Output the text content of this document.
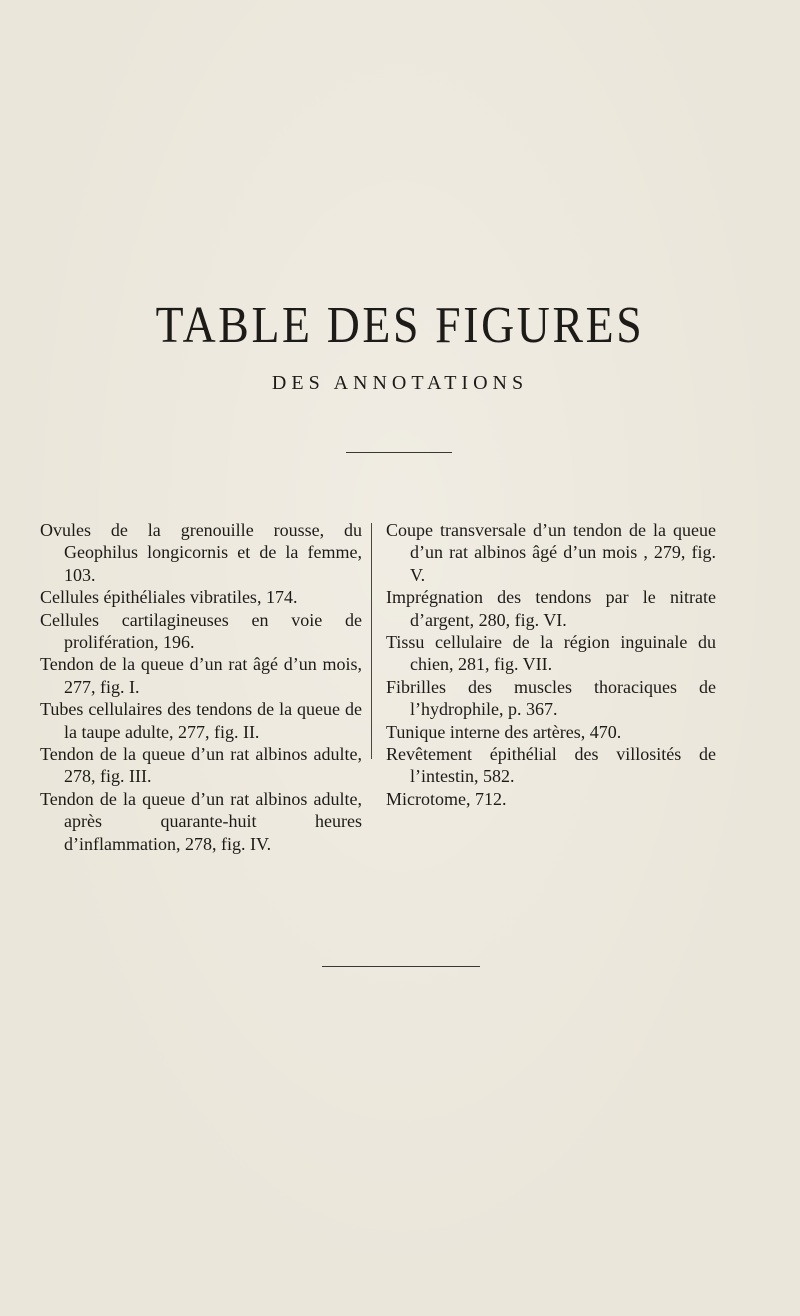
TABLE DES FIGURES
DES ANNOTATIONS

Ovules de la grenouille rousse, du Geophilus longicornis et de la femme, 103.

Cellules épithéliales vibratiles, 174.

Cellules cartilagineuses en voie de prolifération, 196.

Tendon de la queue d’un rat âgé d’un mois, 277, fig. I.

Tubes cellulaires des tendons de la queue de la taupe adulte, 277, fig. II.

Tendon de la queue d’un rat albinos adulte, 278, fig. III.

Tendon de la queue d’un rat albinos adulte, après quarante-huit heures d’inflammation, 278, fig. IV.

Coupe transversale d’un tendon de la queue d’un rat albinos âgé d’un mois , 279, fig. V.

Imprégnation des tendons par le nitrate d’argent, 280, fig. VI.

Tissu cellulaire de la région inguinale du chien, 281, fig. VII.

Fibrilles des muscles thoraciques de l’hydrophile, p. 367.

Tunique interne des artères, 470.

Revêtement épithélial des villosités de l’intestin, 582.

Microtome, 712.
